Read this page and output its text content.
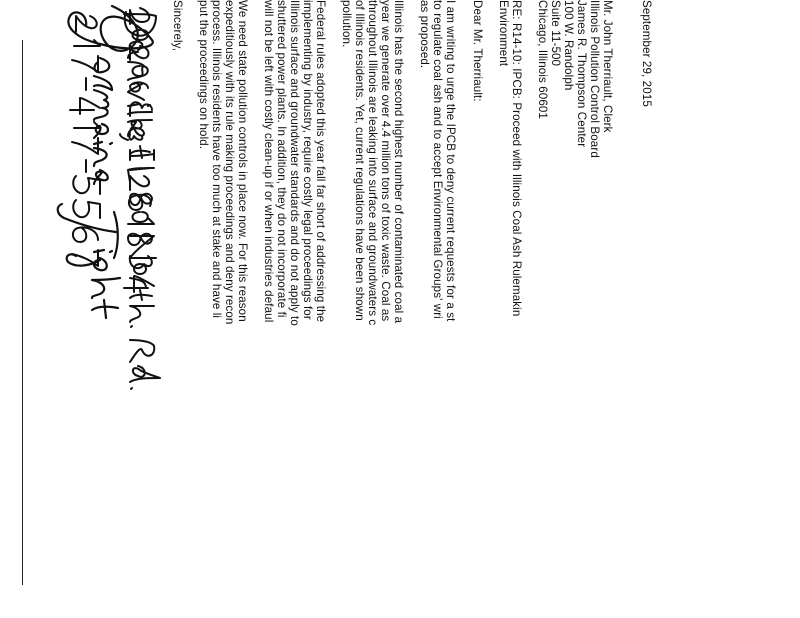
September 29, 2015
Mr. John Therriault, Clerk
Illinois Pollution Control Board
James R. Thompson Center
100 W. Randolph
Suite 11-500
Chicago, Illinois 60601
RE: R14-10: IPCB: Proceed with Illinois Coal Ash Rulemakin
Environment
Dear Mr. Therriault:
I am writing to urge the IPCB to deny current requests for a st
to regulate coal ash and to accept Environmental Groups' wri
as proposed.
Illinois has the second highest number of contaminated coal a
year we generate over 4.4 million tons of toxic waste. Coal as
throughout Illinois are leaking into surface and groundwaters c
of Illinois residents. Yet, current regulations have been shown
pollution.
Federal rules adopted this year fall far short of addressing the
implementing by industry, require costly legal proceedings for
Illinois surface and groundwater standards and do not apply to
shuttered power plants. In addition, they do not incorporate fi
will not be left with costly clean-up if or when industries defaul
We need state pollution controls in place now. For this reason
expeditiously with its rule making proceedings and deny recon
process. Illinois residents have too much at stake and have li
put the proceedings on hold.
Sincerely,
